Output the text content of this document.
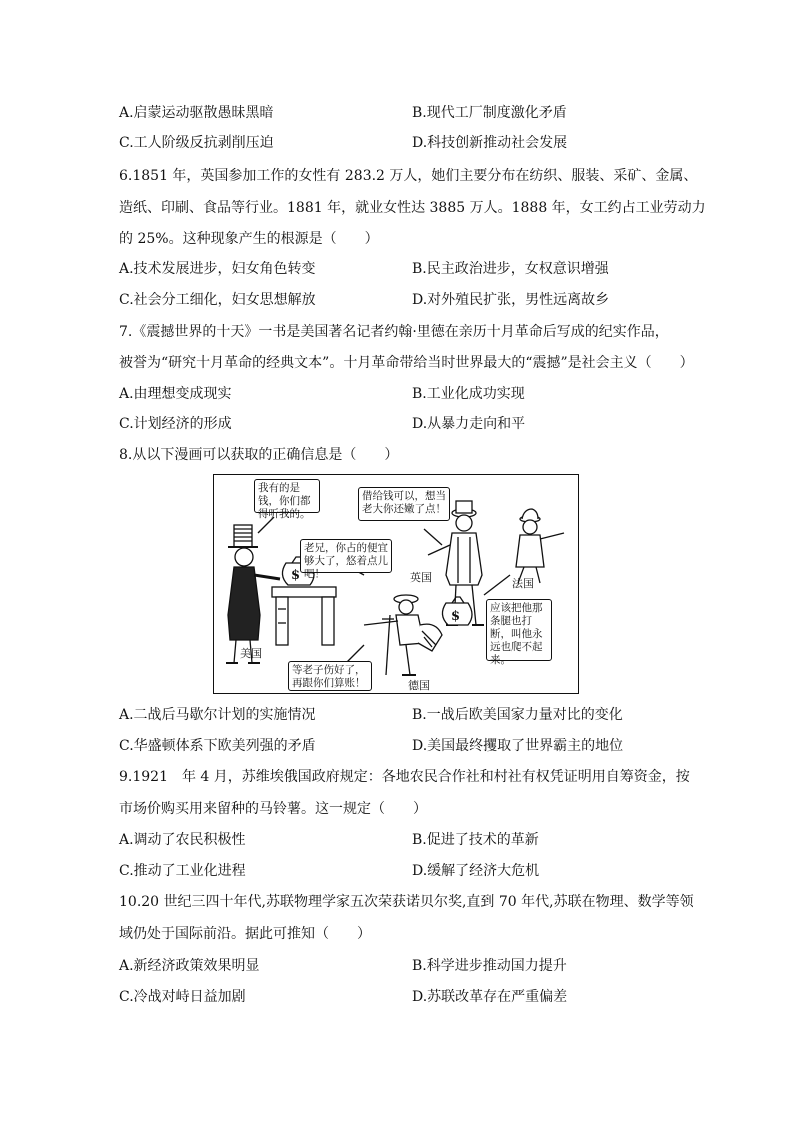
A.启蒙运动驱散愚昧黑暗	B.现代工厂制度激化矛盾
C.工人阶级反抗剥削压迫	D.科技创新推动社会发展
6.1851 年，英国参加工作的女性有 283.2 万人，她们主要分布在纺织、服装、采矿、金属、
造纸、印刷、食品等行业。1881 年，就业女性达 3885 万人。1888 年，女工约占工业劳动力
的 25%。这种现象产生的根源是（　　）
A.技术发展进步，妇女角色转变	B.民主政治进步，女权意识增强
C.社会分工细化，妇女思想解放	D.对外殖民扩张，男性远离故乡
7.《震撼世界的十天》一书是美国著名记者约翰·里德在亲历十月革命后写成的纪实作品，
被誉为“研究十月革命的经典文本”。十月革命带给当时世界最大的“震撼”是社会主义（　　）
A.由理想变成现实	B.工业化成功实现
C.计划经济的形成	D.从暴力走向和平
8.从以下漫画可以获取的正确信息是（　　）
$
$
我有的是钱，你们都得听我的。
借给钱可以，想当老大你还嫩了点！
老兄，你占的便宜够大了，悠着点儿吧！
应该把他那条腿也打断，叫他永远也爬不起来。
等老子伤好了，再跟你们算账！
美国
英国	法国
德国
A.二战后马歇尔计划的实施情况	B.一战后欧美国家力量对比的变化
C.华盛顿体系下欧美列强的矛盾	D.美国最终攫取了世界霸主的地位
9.1921　年 4 月，苏维埃俄国政府规定：各地农民合作社和村社有权凭证明用自筹资金，按
市场价购买用来留种的马铃薯。这一规定（　　）
A.调动了农民积极性	B.促进了技术的革新
C.推动了工业化进程	D.缓解了经济大危机
10.20 世纪三四十年代,苏联物理学家五次荣获诺贝尔奖,直到 70 年代,苏联在物理、数学等领
域仍处于国际前沿。据此可推知（　　）
A.新经济政策效果明显	B.科学进步推动国力提升
C.冷战对峙日益加剧	D.苏联改革存在严重偏差
